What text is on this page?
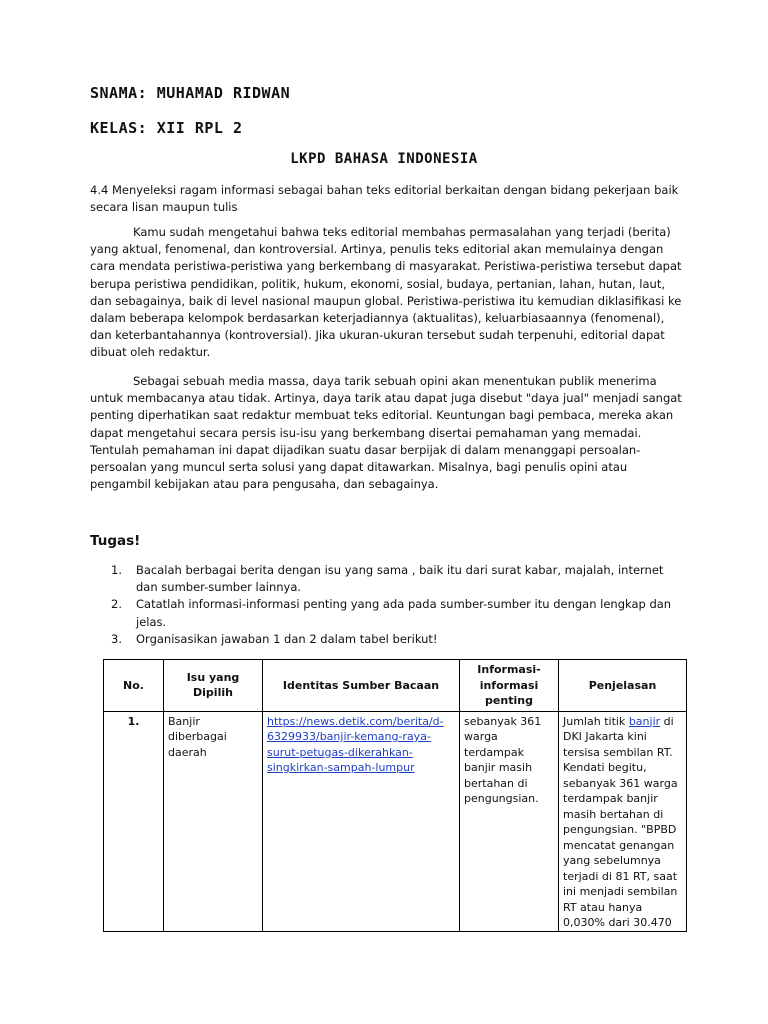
SNAMA: MUHAMAD RIDWAN
KELAS: XII RPL 2
LKPD BAHASA INDONESIA

4.4 Menyeleksi ragam informasi sebagai bahan teks editorial berkaitan dengan bidang pekerjaan baik secara lisan maupun tulis

Kamu sudah mengetahui bahwa teks editorial membahas permasalahan yang terjadi (berita) yang aktual, fenomenal, dan kontroversial. Artinya, penulis teks editorial akan memulainya dengan cara mendata peristiwa-peristiwa yang berkembang di masyarakat. Peristiwa-peristiwa tersebut dapat berupa peristiwa pendidikan, politik, hukum, ekonomi, sosial, budaya, pertanian, lahan, hutan, laut, dan sebagainya, baik di level nasional maupun global. Peristiwa-peristiwa itu kemudian diklasifikasi ke dalam beberapa kelompok berdasarkan keterjadiannya (aktualitas), keluarbiasaannya (fenomenal), dan keterbantahannya (kontroversial). Jika ukuran-ukuran tersebut sudah terpenuhi, editorial dapat dibuat oleh redaktur.

Sebagai sebuah media massa, daya tarik sebuah opini akan menentukan publik menerima untuk membacanya atau tidak. Artinya, daya tarik atau dapat juga disebut "daya jual" menjadi sangat penting diperhatikan saat redaktur membuat teks editorial. Keuntungan bagi pembaca, mereka akan dapat mengetahui secara persis isu-isu yang berkembang disertai pemahaman yang memadai. Tentulah pemahaman ini dapat dijadikan suatu dasar berpijak di dalam menanggapi persoalan-persoalan yang muncul serta solusi yang dapat ditawarkan. Misalnya, bagi penulis opini atau pengambil kebijakan atau para pengusaha, dan sebagainya.

Tugas!
1. Bacalah berbagai berita dengan isu yang sama , baik itu dari surat kabar, majalah, internet dan sumber-sumber lainnya.
2. Catatlah informasi-informasi penting yang ada pada sumber-sumber itu dengan lengkap dan jelas.
3. Organisasikan jawaban 1 dan 2 dalam tabel berikut!
No.	Isu yang Dipilih	Identitas Sumber Bacaan	Informasi-informasi penting	Penjelasan
1.	Banjir diberbagai daerah	https://news.detik.com/berita/d-6329933/banjir-kemang-raya-surut-petugas-dikerahkan-singkirkan-sampah-lumpur	sebanyak 361 warga terdampak banjir masih bertahan di pengungsian.	Jumlah titik banjir di DKI Jakarta kini tersisa sembilan RT. Kendati begitu, sebanyak 361 warga terdampak banjir masih bertahan di pengungsian. "BPBD mencatat genangan yang sebelumnya terjadi di 81 RT, saat ini menjadi sembilan RT atau hanya 0,030% dari 30.470
